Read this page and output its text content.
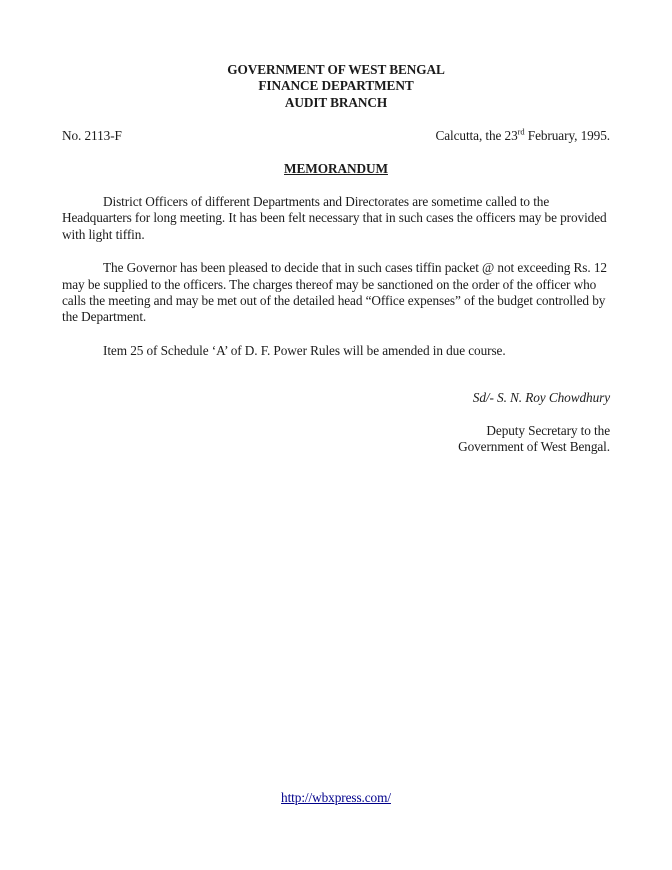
GOVERNMENT OF WEST BENGAL
FINANCE DEPARTMENT
AUDIT BRANCH
No. 2113-F	Calcutta, the 23rd February, 1995.
MEMORANDUM

District Officers of different Departments and Directorates are sometime called to the Headquarters for long meeting. It has been felt necessary that in such cases the officers may be provided with light tiffin.

The Governor has been pleased to decide that in such cases tiffin packet @ not exceeding Rs. 12 may be supplied to the officers. The charges thereof may be sanctioned on the order of the officer who calls the meeting and may be met out of the detailed head “Office expenses” of the budget controlled by the Department.

Item 25 of Schedule ‘A’ of D. F. Power Rules will be amended in due course.

Sd/- S. N. Roy Chowdhury
Deputy Secretary to the
Government of West Bengal.
http://wbxpress.com/
